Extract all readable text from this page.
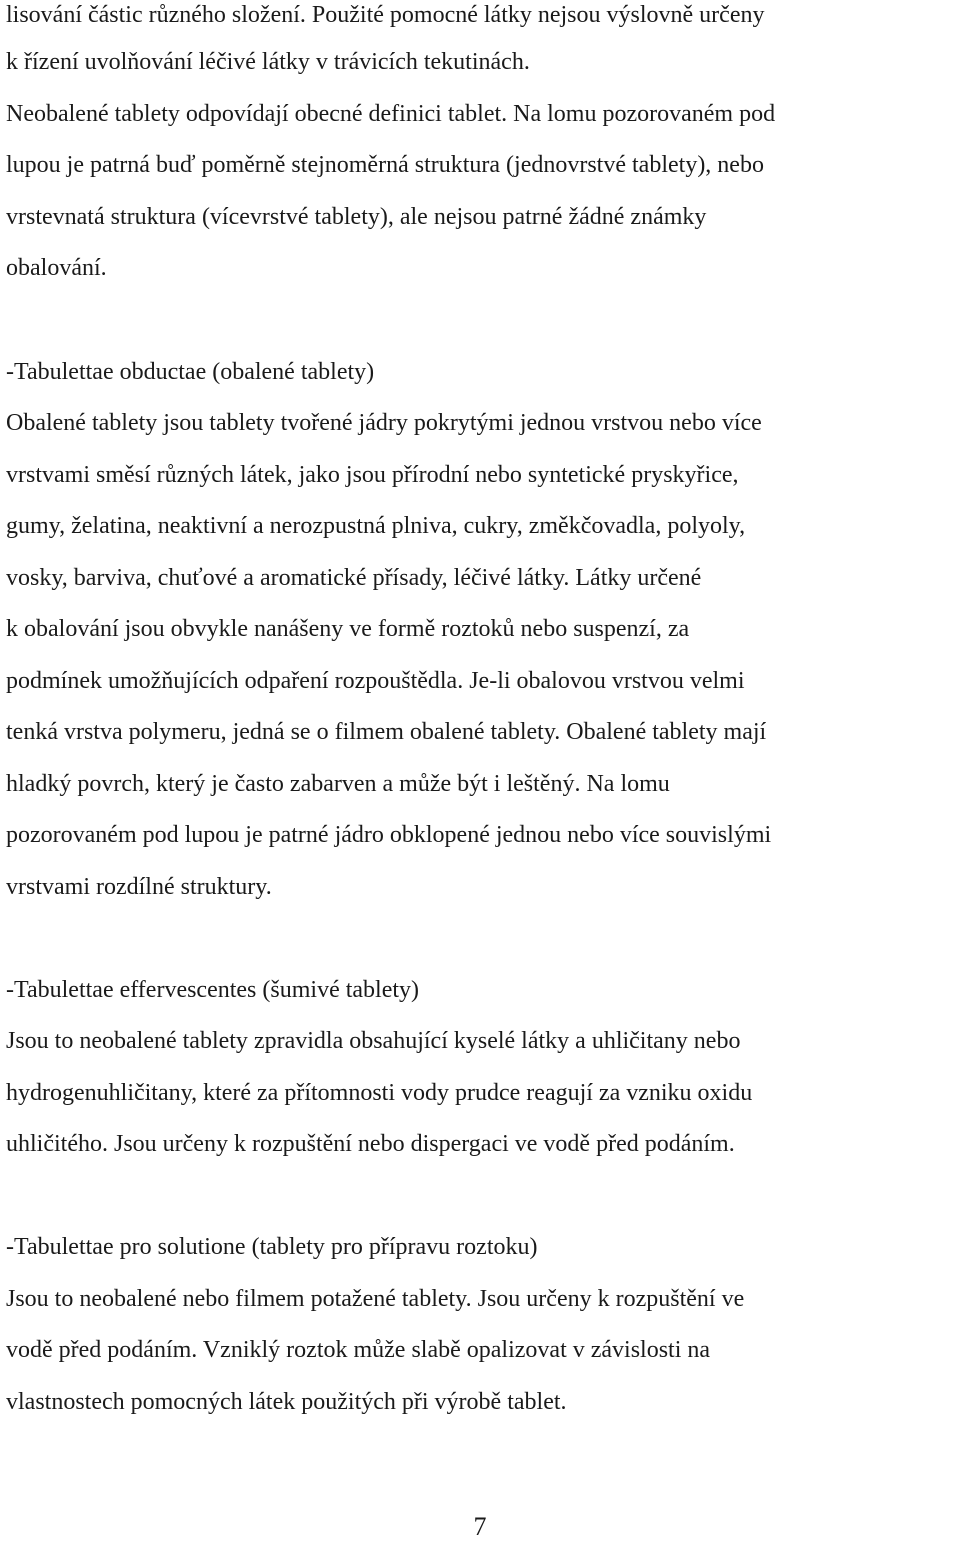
lisování částic různého složení. Použité pomocné látky nejsou výslovně určeny
k řízení uvolňování léčivé látky v trávicích tekutinách.
Neobalené tablety odpovídají obecné definici tablet. Na lomu pozorovaném pod
lupou je patrná buď poměrně stejnoměrná struktura (jednovrstvé tablety), nebo
vrstevnatá struktura (vícevrstvé tablety), ale nejsou patrné žádné známky
obalování.
-Tabulettae obductae (obalené tablety)
Obalené tablety jsou tablety tvořené jádry pokrytými jednou vrstvou nebo více
vrstvami směsí různých látek, jako jsou přírodní nebo syntetické pryskyřice,
gumy, želatina, neaktivní a nerozpustná plniva, cukry, změkčovadla, polyoly,
vosky, barviva, chuťové a aromatické přísady, léčivé látky. Látky určené
k obalování jsou obvykle nanášeny ve formě roztoků nebo suspenzí, za
podmínek umožňujících odpaření rozpouštědla. Je-li obalovou vrstvou velmi
tenká vrstva polymeru, jedná se o filmem obalené tablety. Obalené tablety mají
hladký povrch, který je často zabarven a může být i leštěný. Na lomu
pozorovaném pod lupou je patrné jádro obklopené jednou nebo více souvislými
vrstvami rozdílné struktury.
-Tabulettae effervescentes (šumivé tablety)
Jsou to neobalené tablety zpravidla obsahující kyselé látky a uhličitany nebo
hydrogenuhličitany, které za přítomnosti vody prudce reagují za vzniku oxidu
uhličitého. Jsou určeny k rozpuštění nebo dispergaci ve vodě před podáním.
-Tabulettae pro solutione (tablety pro přípravu roztoku)
Jsou to neobalené nebo filmem potažené tablety. Jsou určeny k rozpuštění ve
vodě před podáním. Vzniklý roztok může slabě opalizovat v závislosti na
vlastnostech pomocných látek použitých při výrobě tablet.
7
